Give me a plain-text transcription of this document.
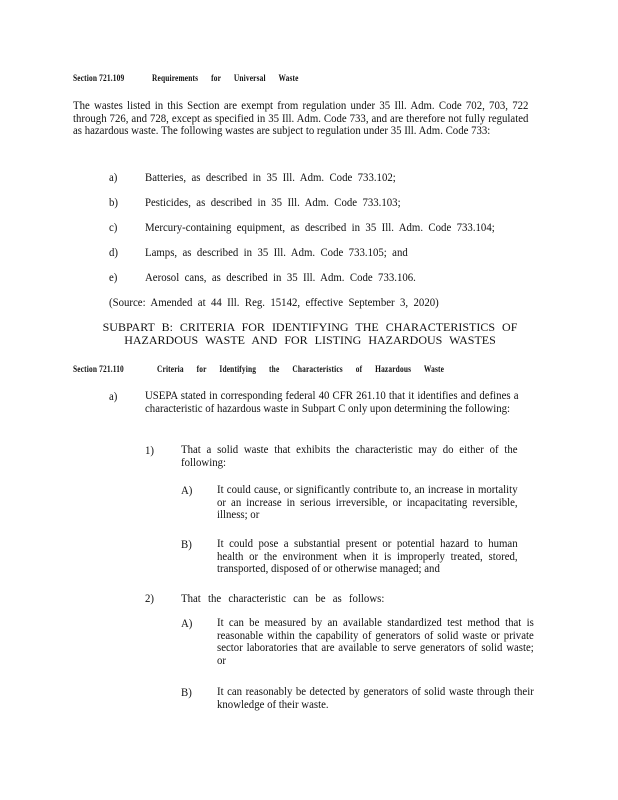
Section 721.109	Requirements for Universal Waste
The wastes listed in this Section are exempt from regulation under 35 Ill. Adm. Code 702, 703, 722 through 726, and 728, except as specified in 35 Ill. Adm. Code 733, and are therefore not fully regulated as hazardous waste. The following wastes are subject to regulation under 35 Ill. Adm. Code 733:
a) Batteries, as described in 35 Ill. Adm. Code 733.102;
b) Pesticides, as described in 35 Ill. Adm. Code 733.103;
c) Mercury-containing equipment, as described in 35 Ill. Adm. Code 733.104;
d) Lamps, as described in 35 Ill. Adm. Code 733.105; and
e) Aerosol cans, as described in 35 Ill. Adm. Code 733.106.
(Source: Amended at 44 Ill. Reg. 15142, effective September 3, 2020)
SUBPART B: CRITERIA FOR IDENTIFYING THE CHARACTERISTICS OF
HAZARDOUS WASTE AND FOR LISTING HAZARDOUS WASTES
Section 721.110	Criteria for Identifying the Characteristics of Hazardous Waste
a) USEPA stated in corresponding federal 40 CFR 261.10 that it identifies and defines a characteristic of hazardous waste in Subpart C only upon determining the following:
1) That a solid waste that exhibits the characteristic may do either of the following:
A) It could cause, or significantly contribute to, an increase in mortality or an increase in serious irreversible, or incapacitating reversible, illness; or
B) It could pose a substantial present or potential hazard to human health or the environment when it is improperly treated, stored, transported, disposed of or otherwise managed; and
2) That the characteristic can be as follows:
A) It can be measured by an available standardized test method that is reasonable within the capability of generators of solid waste or private sector laboratories that are available to serve generators of solid waste; or
B) It can reasonably be detected by generators of solid waste through their knowledge of their waste.
